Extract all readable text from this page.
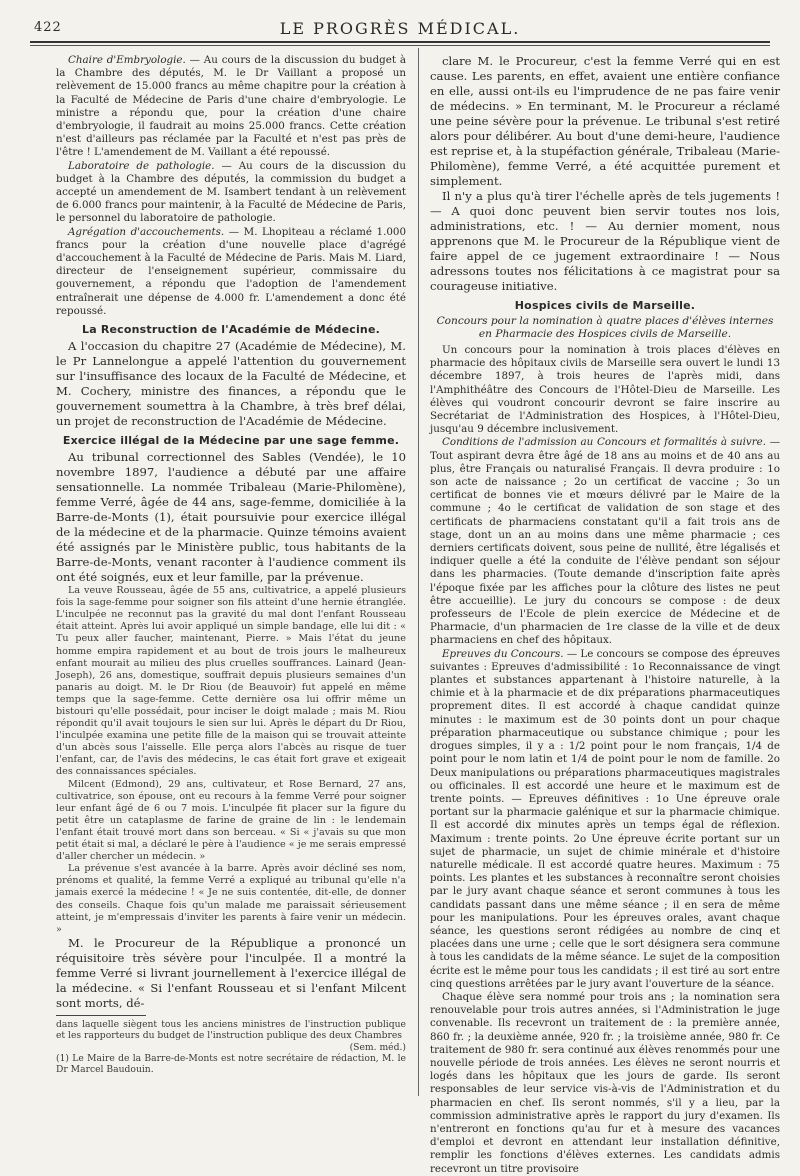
422	LE PROGRÈS MÉDICAL.

Chaire d'Embryologie. — Au cours de la discussion du budget à la Chambre des députés, M. le Dr Vaillant a proposé un relèvement de 15.000 francs au même chapitre pour la création à la Faculté de Médecine de Paris d'une chaire d'embryologie. Le ministre a répondu que, pour la création d'une chaire d'embryologie, il faudrait au moins 25.000 francs. Cette création n'est d'ailleurs pas réclamée par la Faculté et n'est pas près de l'être ! L'amendement de M. Vaillant a été repoussé.

Laboratoire de pathologie. — Au cours de la discussion du budget à la Chambre des députés, la commission du budget a accepté un amendement de M. Isambert tendant à un relèvement de 6.000 francs pour maintenir, à la Faculté de Médecine de Paris, le personnel du laboratoire de pathologie.

Agrégation d'accouchements. — M. Lhopiteau a réclamé 1.000 francs pour la création d'une nouvelle place d'agrégé d'accouchement à la Faculté de Médecine de Paris. Mais M. Liard, directeur de l'enseignement supérieur, commissaire du gouvernement, a répondu que l'adoption de l'amendement entraînerait une dépense de 4.000 fr. L'amendement a donc été repoussé.

La Reconstruction de l'Académie de Médecine.

A l'occasion du chapitre 27 (Académie de Médecine), M. le Pr Lannelongue a appelé l'attention du gouvernement sur l'insuffisance des locaux de la Faculté de Médecine, et M. Cochery, ministre des finances, a répondu que le gouvernement soumettra à la Chambre, à très bref délai, un projet de reconstruction de l'Académie de Médecine.

Exercice illégal de la Médecine par une sage femme.

Au tribunal correctionnel des Sables (Vendée), le 10 novembre 1897, l'audience a débuté par une affaire sensationnelle. La nommée Tribaleau (Marie-Philomène), femme Verré, âgée de 44 ans, sage-femme, domiciliée à la Barre-de-Monts (1), était poursuivie pour exercice illégal de la médecine et de la pharmacie. Quinze témoins avaient été assignés par le Ministère public, tous habitants de la Barre-de-Monts, venant raconter à l'audience comment ils ont été soignés, eux et leur famille, par la prévenue.

La veuve Rousseau, âgée de 55 ans, cultivatrice, a appelé plusieurs fois la sage-femme pour soigner son fils atteint d'une hernie étranglée. L'inculpée ne reconnut pas la gravité du mal dont l'enfant Rousseau était atteint. Après lui avoir appliqué un simple bandage, elle lui dit : « Tu peux aller faucher, maintenant, Pierre. » Mais l'état du jeune homme empira rapidement et au bout de trois jours le malheureux enfant mourait au milieu des plus cruelles souffrances. Lainard (Jean-Joseph), 26 ans, domestique, souffrait depuis plusieurs semaines d'un panaris au doigt. M. le Dr Riou (de Beauvoir) fut appelé en même temps que la sage-femme. Cette dernière osa lui offrir même un bistouri qu'elle possédait, pour inciser le doigt malade ; mais M. Riou répondit qu'il avait toujours le sien sur lui. Après le départ du Dr Riou, l'inculpée examina une petite fille de la maison qui se trouvait atteinte d'un abcès sous l'aisselle. Elle perça alors l'abcès au risque de tuer l'enfant, car, de l'avis des médecins, le cas était fort grave et exigeait des connaissances spéciales.

Milcent (Edmond), 29 ans, cultivateur, et Rose Bernard, 27 ans, cultivatrice, son épouse, ont eu recours à la femme Verré pour soigner leur enfant âgé de 6 ou 7 mois. L'inculpée fit placer sur la figure du petit être un cataplasme de farine de graine de lin : le lendemain l'enfant était trouvé mort dans son berceau. « Si « j'avais su que mon petit était si mal, a déclaré le père à l'audience « je me serais empressé d'aller chercher un médecin. »

La prévenue s'est avancée à la barre. Après avoir décliné ses nom, prénoms et qualité, la femme Verré a expliqué au tribunal qu'elle n'a jamais exercé la médecine ! « Je ne suis contentée, dit-elle, de donner des conseils. Chaque fois qu'un malade me paraissait sérieusement atteint, je m'empressais d'inviter les parents à faire venir un médecin. »

M. le Procureur de la République a prononcé un réquisitoire très sévère pour l'inculpée. Il a montré la femme Verré si livrant journellement à l'exercice illégal de la médecine. « Si l'enfant Rousseau et si l'enfant Milcent sont morts, dé-

dans laquelle siègent tous les anciens ministres de l'instruction publique et les rapporteurs du budget de l'instruction publique des deux Chambres
(Sem. méd.)
(1) Le Maire de la Barre-de-Monts est notre secrétaire de rédaction, M. le Dr Marcel Baudouin.

clare M. le Procureur, c'est la femme Verré qui en est cause. Les parents, en effet, avaient une entière confiance en elle, aussi ont-ils eu l'imprudence de ne pas faire venir de médecins. » En terminant, M. le Procureur a réclamé une peine sévère pour la prévenue. Le tribunal s'est retiré alors pour délibérer. Au bout d'une demi-heure, l'audience est reprise et, à la stupéfaction générale, Tribaleau (Marie-Philomène), femme Verré, a été acquittée purement et simplement.

Il n'y a plus qu'à tirer l'échelle après de tels jugements ! — A quoi donc peuvent bien servir toutes nos lois, administrations, etc. ! — Au dernier moment, nous apprenons que M. le Procureur de la République vient de faire appel de ce jugement extraordinaire ! — Nous adressons toutes nos félicitations à ce magistrat pour sa courageuse initiative.

Hospices civils de Marseille.
Concours pour la nomination à quatre places d'élèves internes en Pharmacie des Hospices civils de Marseille.

Un concours pour la nomination à trois places d'élèves en pharmacie des hôpitaux civils de Marseille sera ouvert le lundi 13 décembre 1897, à trois heures de l'après midi, dans l'Amphithéâtre des Concours de l'Hôtel-Dieu de Marseille. Les élèves qui voudront concourir devront se faire inscrire au Secrétariat de l'Administration des Hospices, à l'Hôtel-Dieu, jusqu'au 9 décembre inclusivement.

Conditions de l'admission au Concours et formalités à suivre. — Tout aspirant devra être âgé de 18 ans au moins et de 40 ans au plus, être Français ou naturalisé Français. Il devra produire : 1o son acte de naissance ; 2o un certificat de vaccine ; 3o un certificat de bonnes vie et mœurs délivré par le Maire de la commune ; 4o le certificat de validation de son stage et des certificats de pharmaciens constatant qu'il a fait trois ans de stage, dont un an au moins dans une même pharmacie ; ces derniers certificats doivent, sous peine de nullité, être légalisés et indiquer quelle a été la conduite de l'élève pendant son séjour dans les pharmacies. (Toute demande d'inscription faite après l'époque fixée par les affiches pour la clôture des listes ne peut être accueillie). Le jury du concours se compose : de deux professeurs de l'Ecole de plein exercice de Médecine et de Pharmacie, d'un pharmacien de 1re classe de la ville et de deux pharmaciens en chef des hôpitaux.

Epreuves du Concours. — Le concours se compose des épreuves suivantes : Epreuves d'admissibilité : 1o Reconnaissance de vingt plantes et substances appartenant à l'histoire naturelle, à la chimie et à la pharmacie et de dix préparations pharmaceutiques proprement dites. Il est accordé à chaque candidat quinze minutes : le maximum est de 30 points dont un pour chaque préparation pharmaceutique ou substance chimique ; pour les drogues simples, il y a : 1/2 point pour le nom français, 1/4 de point pour le nom latin et 1/4 de point pour le nom de famille. 2o Deux manipulations ou préparations pharmaceutiques magistrales ou officinales. Il est accordé une heure et le maximum est de trente points. — Epreuves définitives : 1o Une épreuve orale portant sur la pharmacie galénique et sur la pharmacie chimique. Il est accordé dix minutes après un temps égal de réflexion. Maximum : trente points. 2o Une épreuve écrite portant sur un sujet de pharmacie, un sujet de chimie minérale et d'histoire naturelle médicale. Il est accordé quatre heures. Maximum : 75 points. Les plantes et les substances à reconnaître seront choisies par le jury avant chaque séance et seront communes à tous les candidats passant dans une même séance ; il en sera de même pour les manipulations. Pour les épreuves orales, avant chaque séance, les questions seront rédigées au nombre de cinq et placées dans une urne ; celle que le sort désignera sera commune à tous les candidats de la même séance. Le sujet de la composition écrite est le même pour tous les candidats ; il est tiré au sort entre cinq questions arrêtées par le jury avant l'ouverture de la séance.

Chaque élève sera nommé pour trois ans ; la nomination sera renouvelable pour trois autres années, si l'Administration le juge convenable. Ils recevront un traitement de : la première année, 860 fr. ; la deuxième année, 920 fr. ; la troisième année, 980 fr. Ce traitement de 980 fr. sera continué aux élèves renommés pour une nouvelle période de trois années. Les élèves ne seront nourris et logés dans les hôpitaux que les jours de garde. Ils seront responsables de leur service vis-à-vis de l'Administration et du pharmacien en chef. Ils seront nommés, s'il y a lieu, par la commission administrative après le rapport du jury d'examen. Ils n'entreront en fonctions qu'au fur et à mesure des vacances d'emploi et devront en attendant leur installation définitive, remplir les fonctions d'élèves externes. Les candidats admis recevront un titre provisoire
